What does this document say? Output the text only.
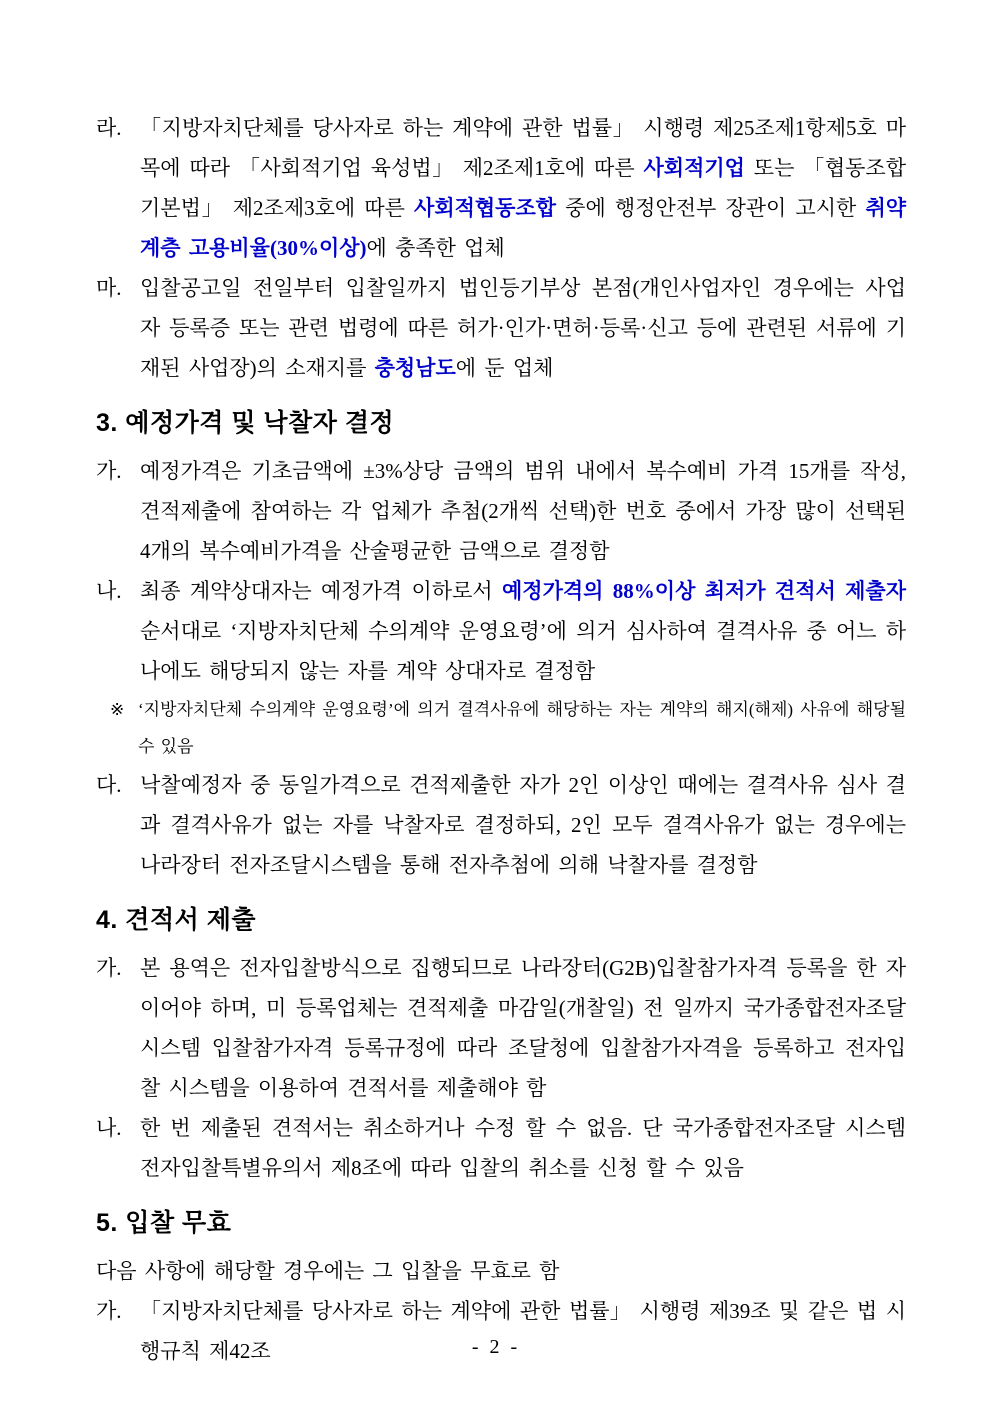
라. 「지방자치단체를 당사자로 하는 계약에 관한 법률」 시행령 제25조제1항제5호 마목에 따라 「사회적기업 육성법」 제2조제1호에 따른 사회적기업 또는 「협동조합 기본법」 제2조제3호에 따른 사회적협동조합 중에 행정안전부 장관이 고시한 취약계층 고용비율(30%이상)에 충족한 업체

마. 입찰공고일 전일부터 입찰일까지 법인등기부상 본점(개인사업자인 경우에는 사업자 등록증 또는 관련 법령에 따른 허가·인가·면허·등록·신고 등에 관련된 서류에 기재된 사업장)의 소재지를 충청남도에 둔 업체

3. 예정가격 및 낙찰자 결정
가. 예정가격은 기초금액에 ±3%상당 금액의 범위 내에서 복수예비 가격 15개를 작성, 견적제출에 참여하는 각 업체가 추첨(2개씩 선택)한 번호 중에서 가장 많이 선택된 4개의 복수예비가격을 산술평균한 금액으로 결정함

나. 최종 계약상대자는 예정가격 이하로서 예정가격의 88%이상 최저가 견적서 제출자 순서대로 ‘지방자치단체 수의계약 운영요령’에 의거 심사하여 결격사유 중 어느 하나에도 해당되지 않는 자를 계약 상대자로 결정함

※ ‘지방자치단체 수의계약 운영요령’에 의거 결격사유에 해당하는 자는 계약의 해지(해제) 사유에 해당될 수 있음

다. 낙찰예정자 중 동일가격으로 견적제출한 자가 2인 이상인 때에는 결격사유 심사 결과 결격사유가 없는 자를 낙찰자로 결정하되, 2인 모두 결격사유가 없는 경우에는 나라장터 전자조달시스템을 통해 전자추첨에 의해 낙찰자를 결정함

4. 견적서 제출
가. 본 용역은 전자입찰방식으로 집행되므로 나라장터(G2B)입찰참가자격 등록을 한 자이어야 하며, 미 등록업체는 견적제출 마감일(개찰일) 전 일까지 국가종합전자조달시스템 입찰참가자격 등록규정에 따라 조달청에 입찰참가자격을 등록하고 전자입찰 시스템을 이용하여 견적서를 제출해야 함

나. 한 번 제출된 견적서는 취소하거나 수정 할 수 없음. 단 국가종합전자조달 시스템 전자입찰특별유의서 제8조에 따라 입찰의 취소를 신청 할 수 있음

5. 입찰 무효

다음 사항에 해당할 경우에는 그 입찰을 무효로 함

가. 「지방자치단체를 당사자로 하는 계약에 관한 법률」 시행령 제39조 및 같은 법 시행규칙 제42조	- 2 -
